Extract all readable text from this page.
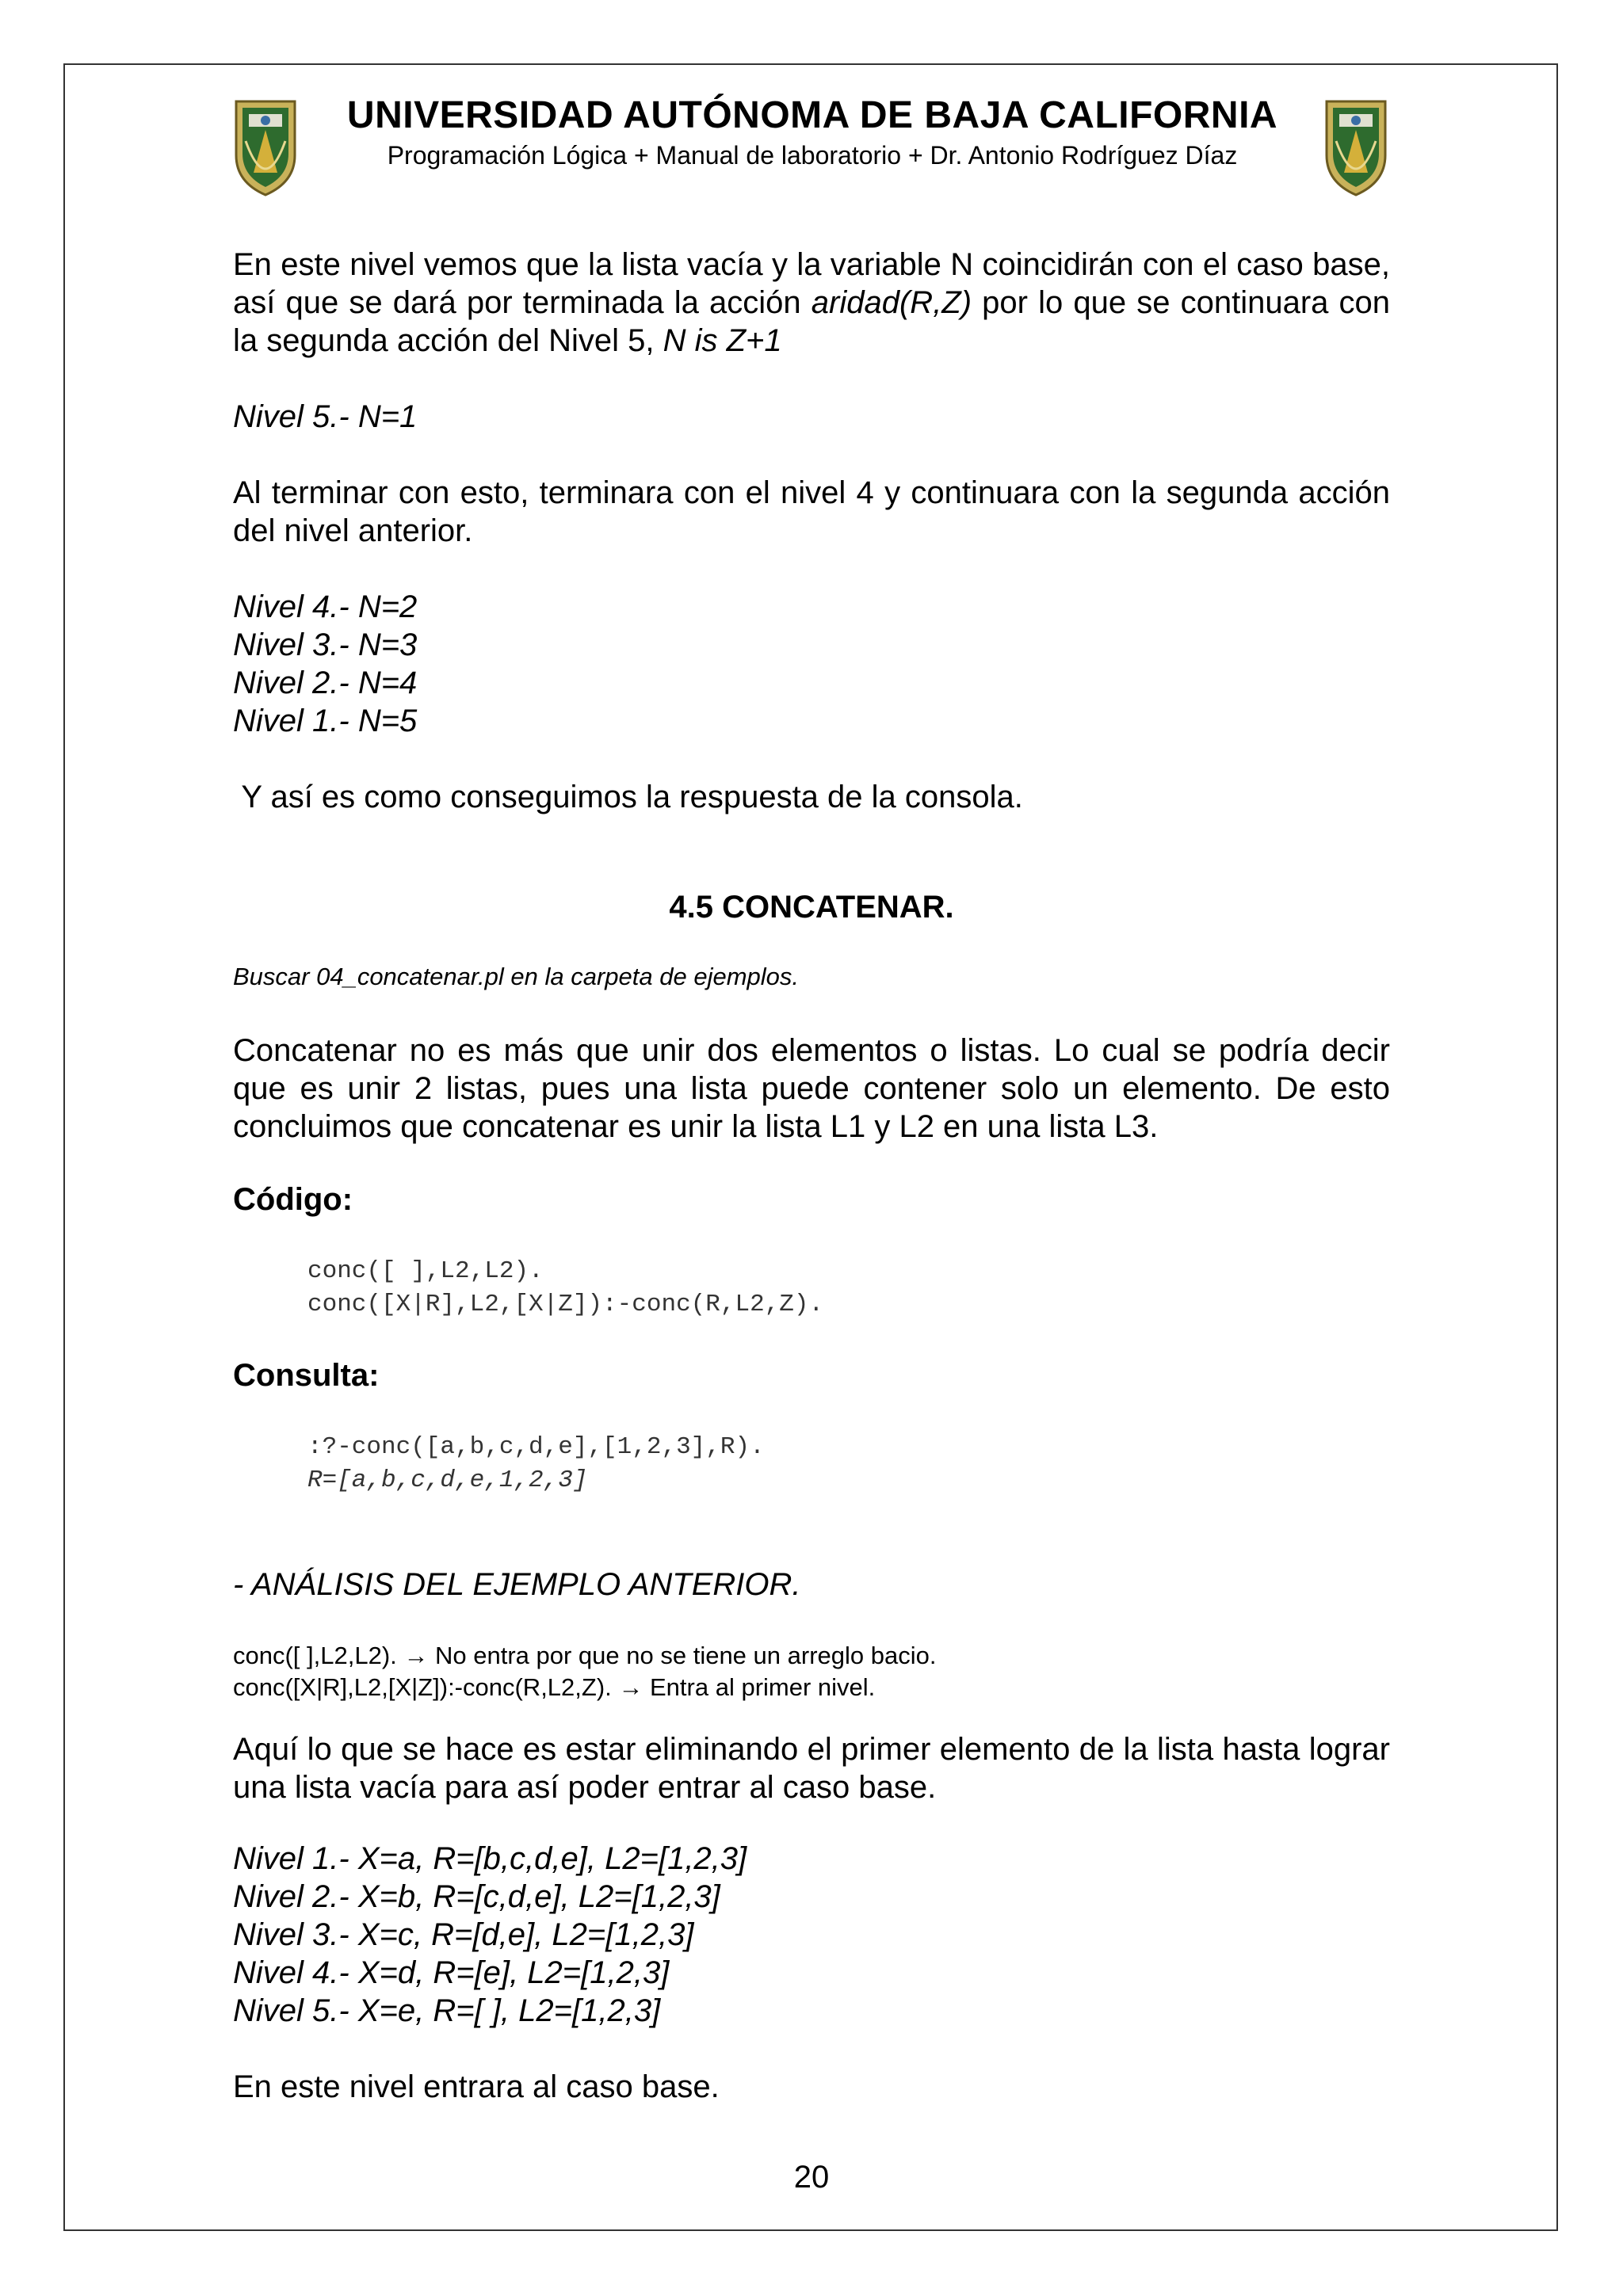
UNIVERSIDAD AUTÓNOMA DE BAJA CALIFORNIA
Programación Lógica + Manual de laboratorio + Dr. Antonio Rodríguez Díaz

En este nivel vemos que la lista vacía y la variable N coincidirán con el caso base, así que se dará por terminada la acción aridad(R,Z) por lo que se continuara con la segunda acción del Nivel 5, N is Z+1

Nivel 5.- N=1

Al terminar con esto, terminara con el nivel 4 y continuara con la segunda acción del nivel anterior.

Nivel 4.- N=2
Nivel 3.- N=3
Nivel 2.- N=4
Nivel 1.- N=5

Y así es como conseguimos la respuesta de la consola.

4.5 CONCATENAR.
Buscar 04_concatenar.pl en la carpeta de ejemplos.

Concatenar no es más que unir dos elementos o listas. Lo cual se podría decir que es unir 2 listas, pues una lista puede contener solo un elemento. De esto concluimos que concatenar es unir la lista L1 y L2 en una lista L3.

Código:
conc([ ],L2,L2).
conc([X|R],L2,[X|Z]):-conc(R,L2,Z).
Consulta:
:?-conc([a,b,c,d,e],[1,2,3],R).
R=[a,b,c,d,e,1,2,3]
- ANÁLISIS DEL EJEMPLO ANTERIOR.
conc([ ],L2,L2). → No entra por que no se tiene un arreglo bacio.
conc([X|R],L2,[X|Z]):-conc(R,L2,Z). → Entra al primer nivel.

Aquí lo que se hace es estar eliminando el primer elemento de la lista hasta lograr una lista vacía para así poder entrar al caso base.

Nivel 1.- X=a, R=[b,c,d,e], L2=[1,2,3]
Nivel 2.- X=b, R=[c,d,e], L2=[1,2,3]
Nivel 3.- X=c, R=[d,e], L2=[1,2,3]
Nivel 4.- X=d, R=[e], L2=[1,2,3]
Nivel 5.- X=e, R=[ ], L2=[1,2,3]

En este nivel entrara al caso base.

20
